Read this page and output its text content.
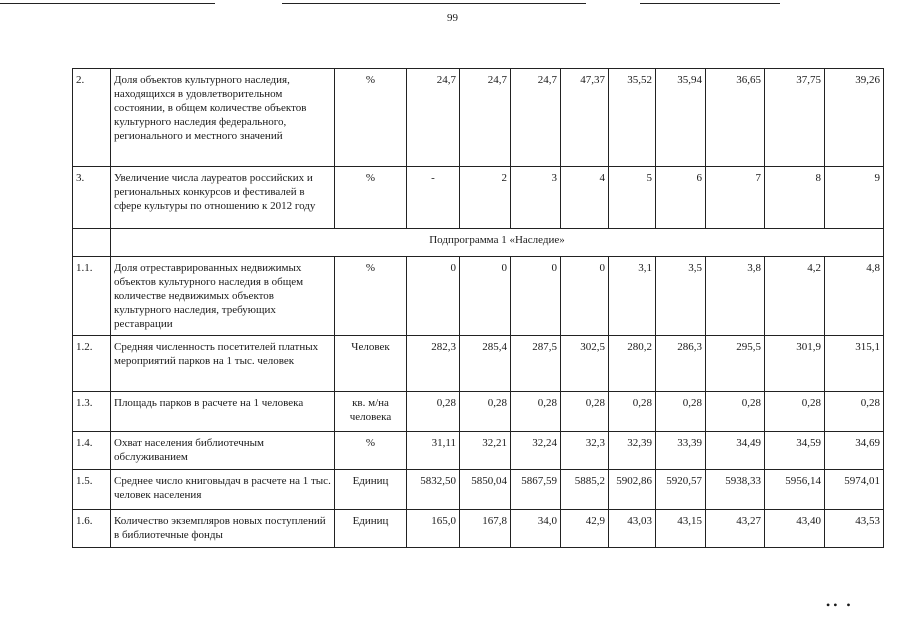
99
2.	Доля объектов культурного наследия, находящихся в удовлетворительном состоянии, в общем количестве объектов культурного наследия федерального, регионального и местного значений	%	24,7	24,7	24,7	47,37	35,52	35,94	36,65	37,75	39,26
3.	Увеличение числа лауреатов российских и региональных конкурсов и фестивалей в сфере культуры по отношению к 2012 году	%	-	2	3	4	5	6	7	8	9
	Подпрограмма 1 «Наследие»										
1.1.	Доля отреставрированных недвижимых объектов культурного наследия в общем количестве недвижимых объектов культурного наследия, требующих реставрации	%	0	0	0	0	3,1	3,5	3,8	4,2	4,8
1.2.	Средняя численность посетителей платных мероприятий парков на 1 тыс. человек	Человек	282,3	285,4	287,5	302,5	280,2	286,3	295,5	301,9	315,1
1.3.	Площадь парков в расчете на 1 человека	кв. м/на человека	0,28	0,28	0,28	0,28	0,28	0,28	0,28	0,28	0,28
1.4.	Охват населения библиотечным обслуживанием	%	31,11	32,21	32,24	32,3	32,39	33,39	34,49	34,59	34,69
1.5.	Среднее число книговыдач в расчете на 1 тыс. человек населения	Единиц	5832,50	5850,04	5867,59	5885,2	5902,86	5920,57	5938,33	5956,14	5974,01
1.6.	Количество экземпляров новых поступлений в библиотечные фонды	Единиц	165,0	167,8	34,0	42,9	43,03	43,15	43,27	43,40	43,53
•• •
